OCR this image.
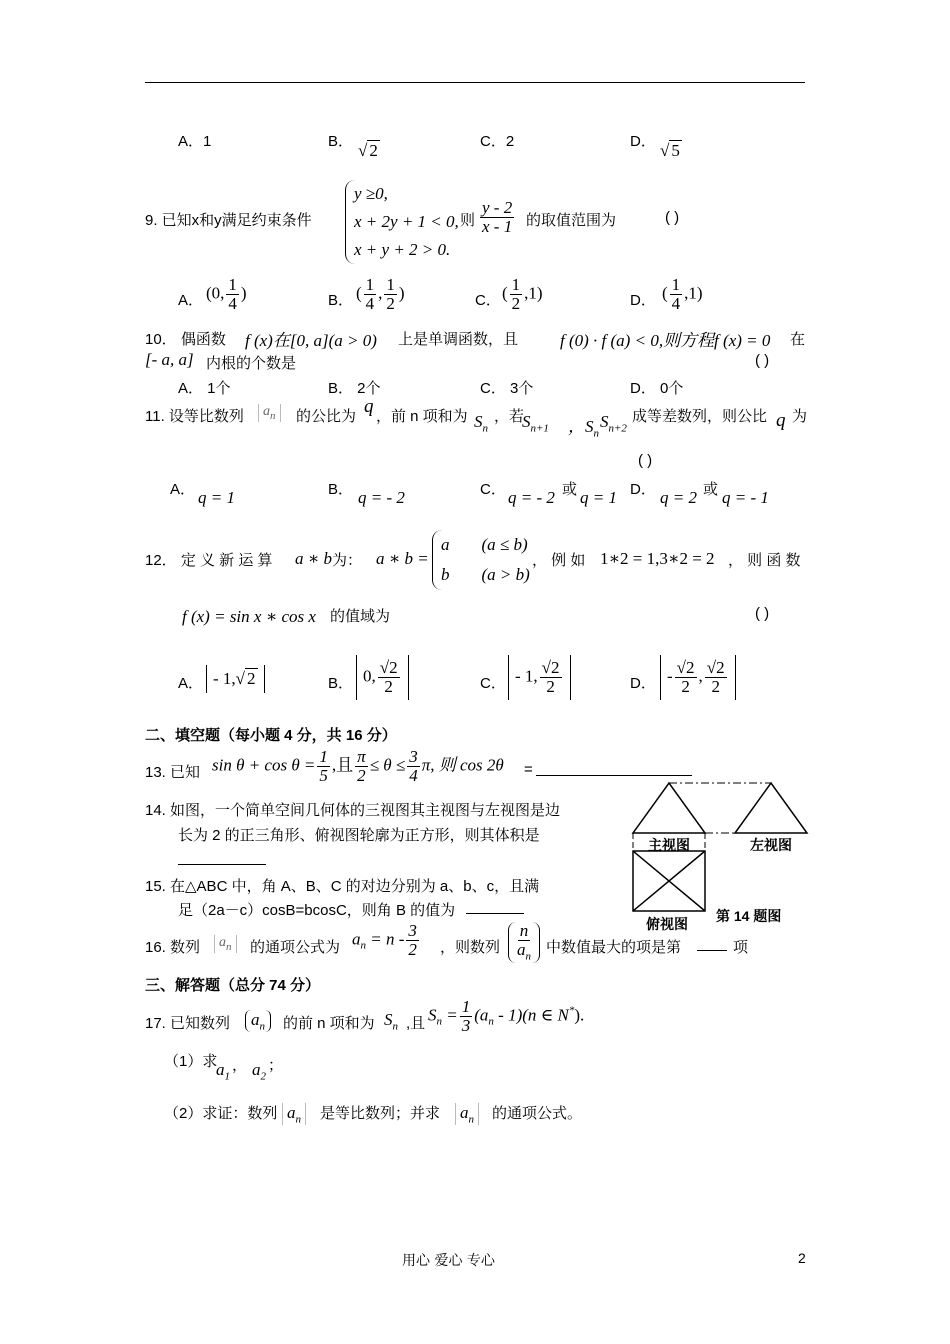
A．1	B． √ 2	C．2	D． √ 5
9. 已知x和y满足约束条件
y ≥0,
x + 2y + 1 < 0,
x + y + 2 > 0.
则 $\frac{y - 2}{x - 1}$ 的取值范围为	( )
A． (0, $\frac{1}{4}$ )	B． ( $\frac{1}{4}$ , $\frac{1}{2}$ )	C． ( $\frac{1}{2} ,1$)	D． ( $\frac{1}{4} ,1$)
10． 偶函数 f (x)在[0, a](a > 0) 上是单调函数，且 f (0) · f (a) < 0,则方程f (x) = 0 在
[- a, a] 内根的个数是	( )
A． 1个	B． 2个	C． 3个	D． 0个
11. 设等比数列	$a_n$	的公比为 q ，前 n 项和为 $S_n$
，若
$S_{n+1}$ ，$S_n$
$S_{n+2}$
成等差数列，则公比 q 为
( )
A． q = 1	B． q = - 2	C． q = - 2 或 q = 1 D． q = 2 或 q = - 1
12． 定 义 新 运 算 a ∗ b 为： a ∗ b =
a (a ≤ b)
b (a > b)
， 例 如 1∗2 = 1,3∗2 = 2 ， 则 函 数
f (x) = sin x ∗ cos x 的值域为	( )
A． - 1,√ 2	B． 0, $\frac{√2}{2}$	C． - 1, $\frac{√2}{2}$	D． - $\frac{√2}{2}$ , $\frac{√2}{2}$
二、填空题（每小题 4 分，共 16 分）
13. 已知 $\sin \theta + \cos \theta = \frac{1}{5}$ ,且 $\frac{\pi}{2} \le \theta \le \frac{3}{4} \pi$, 则 cos 2θ =
14. 如图，一个简单空间几何体的三视图其主视图与左视图是边
长为 2 的正三角形、俯视图轮廓为正方形，则其体积是
主视图	左视图
俯视图 第 14 题图
15. 在△ABC 中，角 A、B、C 的对边分别为 a、b、c，且满
足（2a－c）cosB=bcosC，则角 B 的值为
16. 数列	$a_n$	的通项公式为 $a_n = n - \frac{3}{2}$ ，则数列 $\frac{n}{a_n}$ 中数值最大的项是第	项
三、解答题（总分 74 分）
17. 已知数列	$a_n$	的前 n 项和为 $S_n$ ,且 $S_n = \frac{1}{3} (a_n - 1)(n$ ∈ N*).
（1）求
$a_1$
， $a_2$
；
（2）求证：数列 $a_n$	是等比数列；并求 $a_n$	的通项公式。
用心 爱心 专心	2
